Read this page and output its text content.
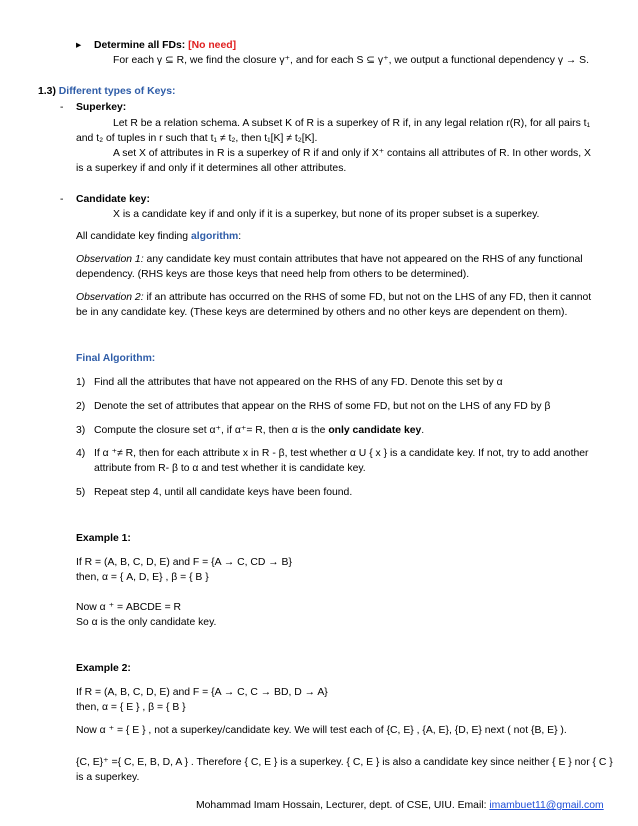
▸ Determine all FDs: [No need]
For each γ ⊆ R, we find the closure γ⁺, and for each S ⊆ γ⁺, we output a functional dependency γ → S.
1.3) Different types of Keys:
- Superkey:
Let R be a relation schema. A subset K of R is a superkey of R if, in any legal relation r(R), for all pairs t₁
and t₂ of tuples in r such that t₁ ≠ t₂, then t₁[K] ≠ t₂[K].
A set X of attributes in R is a superkey of R if and only if X⁺ contains all attributes of R. In other words, X
is a superkey if and only if it determines all other attributes.
- Candidate key:
X is a candidate key if and only if it is a superkey, but none of its proper subset is a superkey.
All candidate key finding algorithm:
Observation 1: any candidate key must contain attributes that have not appeared on the RHS of any functional
dependency. (RHS keys are those keys that need help from others to be determined).
Observation 2: if an attribute has occurred on the RHS of some FD, but not on the LHS of any FD, then it cannot
be in any candidate key. (These keys are determined by others and no other keys are dependent on them).
Final Algorithm:
1) Find all the attributes that have not appeared on the RHS of any FD. Denote this set by α
2) Denote the set of attributes that appear on the RHS of some FD, but not on the LHS of any FD by β
3) Compute the closure set α⁺, if α⁺= R, then α is the only candidate key.
4) If α ⁺≠ R, then for each attribute x in R - β, test whether α U { x } is a candidate key. If not, try to add another
attribute from R- β to α and test whether it is candidate key.
5) Repeat step 4, until all candidate keys have been found.
Example 1:
If R = (A, B, C, D, E) and F = {A → C, CD → B}
then, α = { A, D, E} , β = { B }
Now α ⁺ = ABCDE = R
So α is the only candidate key.
Example 2:
If R = (A, B, C, D, E) and F = {A → C, C → BD, D → A}
then, α = { E } , β = { B }
Now α ⁺ = { E } , not a superkey/candidate key. We will test each of {C, E} , {A, E}, {D, E} next ( not {B, E} ).
{C, E}⁺ ={ C, E, B, D, A } . Therefore { C, E } is a superkey. { C, E } is also a candidate key since neither { E } nor { C }
is a superkey.
Mohammad Imam Hossain, Lecturer, dept. of CSE, UIU. Email: imambuet11@gmail.com
